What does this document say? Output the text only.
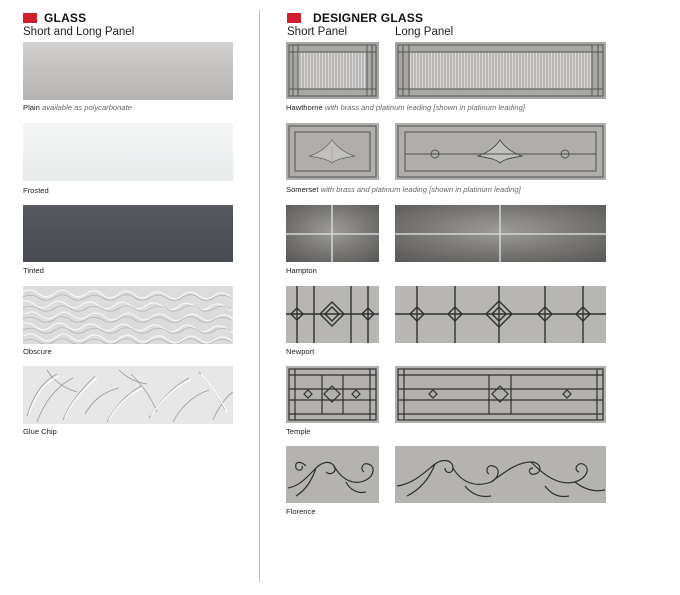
GLASS
Short and Long Panel
Plain available as polycarbonate
Frosted
Tinted
Obscure
Glue Chip
DESIGNER GLASS
Short Panel	Long Panel
Hawthorne with brass and platinum leading [shown in platinum leading]
Somerset with brass and platinum leading [shown in platinum leading]
Hampton
Newport
Temple
Florence
